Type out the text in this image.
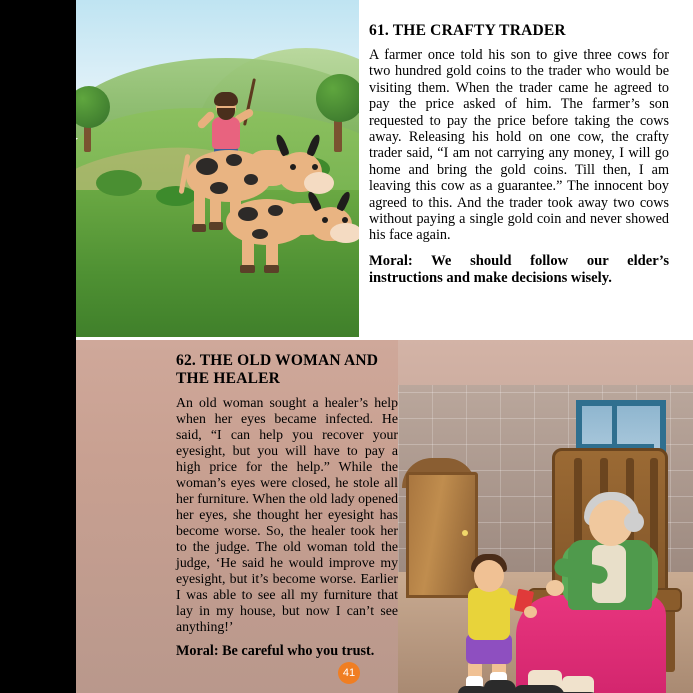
61. THE CRAFTY TRADER

A farmer once told his son to give three cows for two hundred gold coins to the trader who would be visiting them. When the trader came he agreed to pay the price asked of him. The farmer’s son requested to pay the price before taking the cows away. Releasing his hold on one cow, the crafty trader said, “I am not carrying any money, I will go home and bring the gold coins. Till then, I am leaving this cow as a guarantee.” The innocent boy agreed to this. And the trader took away two cows without paying a single gold coin and never showed his face again.

Moral: We should follow our elder’s instructions and make decisions wisely.

62. THE OLD WOMAN AND THE HEALER

An old woman sought a healer’s help when her eyes became infected. He said, “I can help you recover your eyesight, but you will have to pay a high price for the help.” While the woman’s eyes were closed, he stole all her furniture. When the old lady opened her eyes, she thought her eyesight has become worse. So, the healer took her to the judge. The old woman told the judge, ‘He said he would improve my eyesight, but it’s become worse. Earlier I was able to see all my furniture that lay in my house, but now I can’t see anything!’

Moral: Be careful who you trust.

41
